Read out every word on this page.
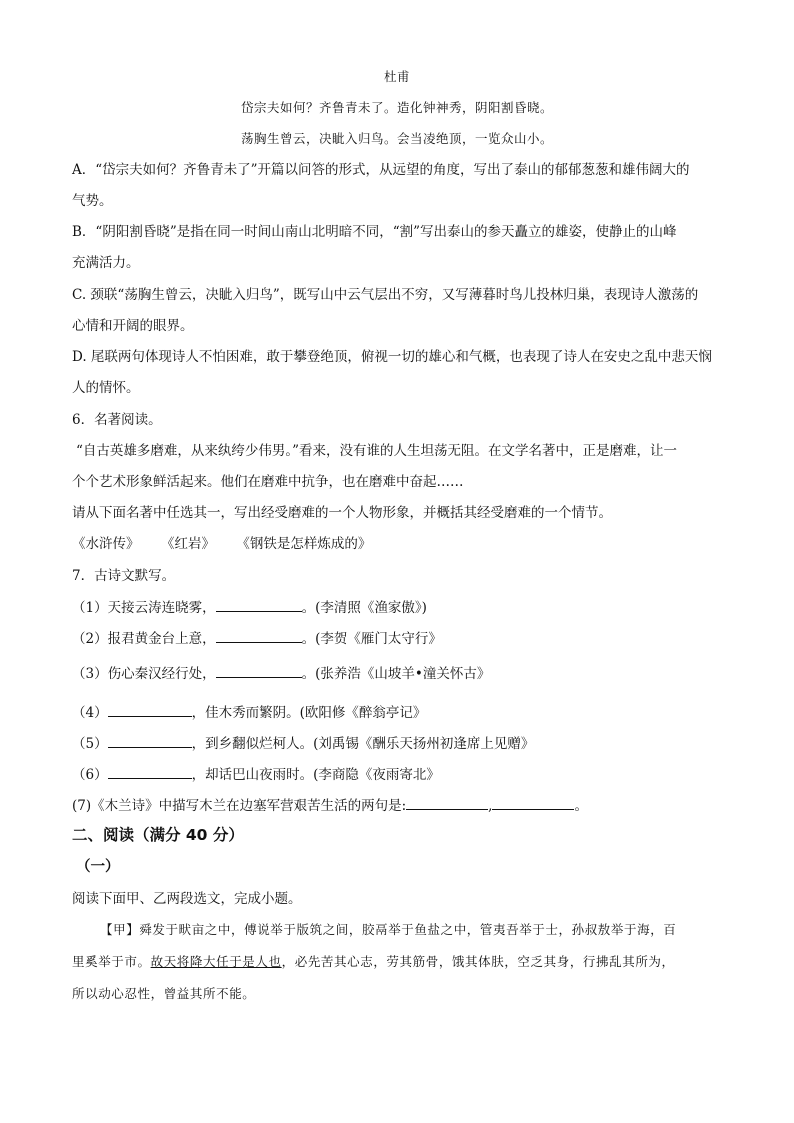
杜甫
岱宗夫如何？齐鲁青未了。造化钟神秀，阴阳割昏晓。
荡胸生曾云，决眦入归鸟。会当凌绝顶，一览众山小。
A．“岱宗夫如何？齐鲁青未了”开篇以问答的形式，从远望的角度，写出了泰山的郁郁葱葱和雄伟阔大的
气势。
B．“阴阳割昏晓”是指在同一时间山南山北明暗不同，“割”写出泰山的参天矗立的雄姿，使静止的山峰
充满活力。
C. 颈联“荡胸生曾云，决眦入归鸟”，既写山中云气层出不穷，又写薄暮时鸟儿投林归巢，表现诗人激荡的
心情和开阔的眼界。
D. 尾联两句体现诗人不怕困难，敢于攀登绝顶，俯视一切的雄心和气概，也表现了诗人在安史之乱中悲天悯
人的情怀。
6．名著阅读。
“自古英雄多磨难，从来纨绔少伟男。”看来，没有谁的人生坦荡无阻。在文学名著中，正是磨难，让一
个个艺术形象鲜活起来。他们在磨难中抗争，也在磨难中奋起……
请从下面名著中任选其一，写出经受磨难的一个人物形象，并概括其经受磨难的一个情节。
《水浒传》     《红岩》     《钢铁是怎样炼成的》
7．古诗文默写。
（1）天接云涛连晓雾，	。(李清照《渔家傲》)
（2）报君黄金台上意，	。(李贺《雁门太守行》
（3）伤心秦汉经行处，	。(张养浩《山坡羊•潼关怀古》
（4）	，佳木秀而繁阴。(欧阳修《醉翁亭记》
（5）	，到乡翻似烂柯人。(刘禹锡《酬乐天扬州初逢席上见赠》
（6）	，却话巴山夜雨时。(李商隐《夜雨寄北》
(7)《木兰诗》中描写木兰在边塞军营艰苦生活的两句是:	,	。
二、阅读（满分 40 分）
（一）
阅读下面甲、乙两段选文，完成小题。
【甲】舜发于畎亩之中，傅说举于版筑之间，胶鬲举于鱼盐之中，管夷吾举于士，孙叔敖举于海，百
里奚举于市。故天将降大任于是人也，必先苦其心志，劳其筋骨，饿其体肤，空乏其身，行拂乱其所为，
所以动心忍性，曾益其所不能。
